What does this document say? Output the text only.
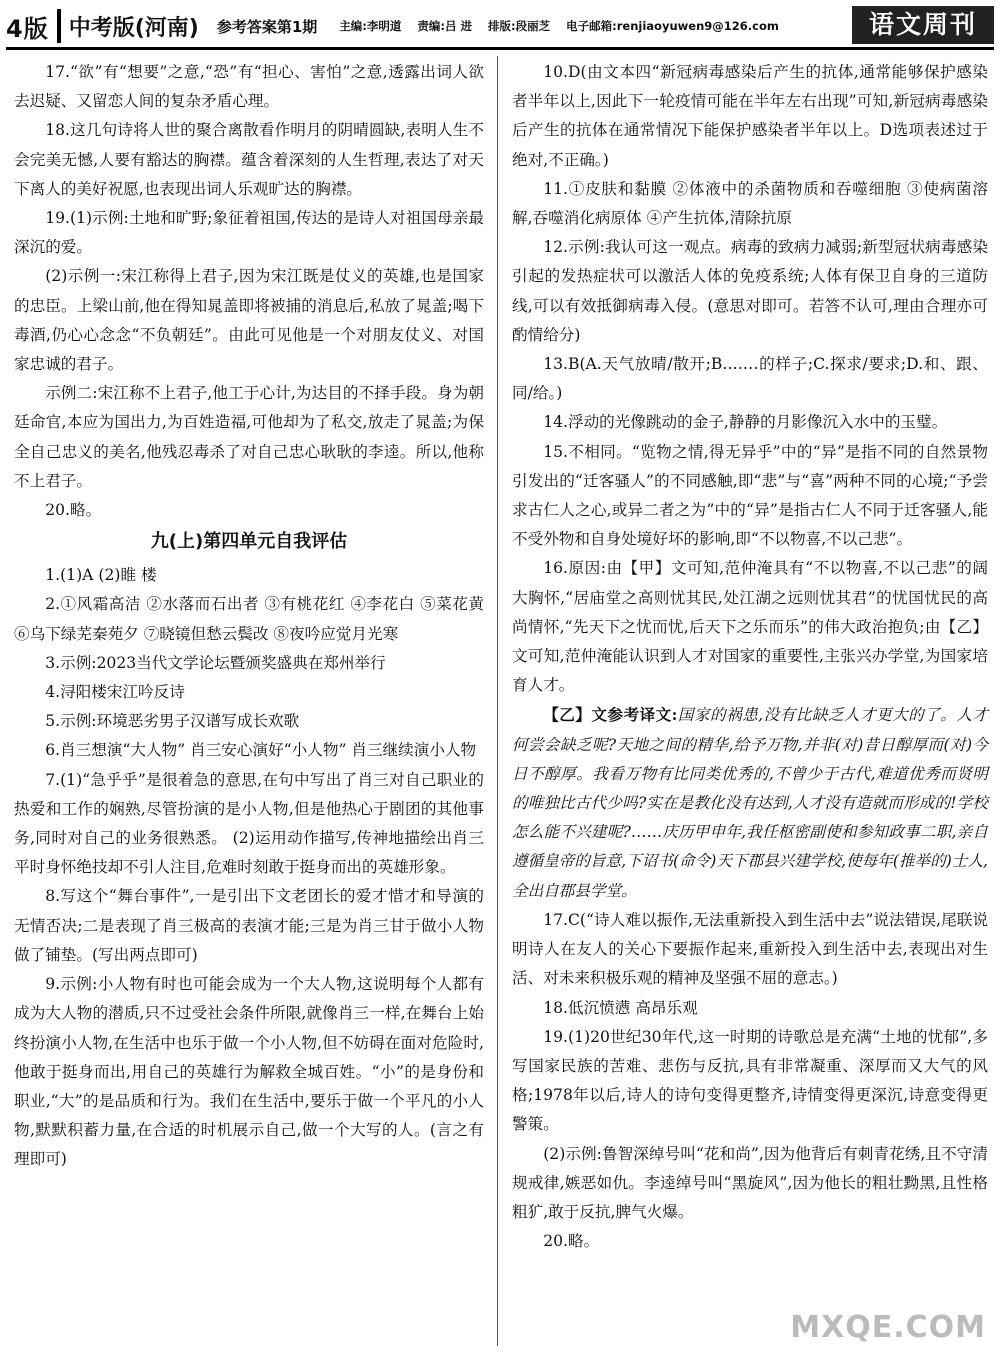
4版 中考版(河南) 参考答案第1期 主编:李明道 责编:吕 进 排版:段丽芝 电子邮箱:renjiaoyuwen9@126.com	语文周刊

17.“欲”有“想要”之意,“恐”有“担心、害怕”之意,透露出词人欲去迟疑、又留恋人间的复杂矛盾心理。

18.这几句诗将人世的聚合离散看作明月的阴晴圆缺,表明人生不会完美无憾,人要有豁达的胸襟。蕴含着深刻的人生哲理,表达了对天下离人的美好祝愿,也表现出词人乐观旷达的胸襟。

19.(1)示例:土地和旷野;象征着祖国,传达的是诗人对祖国母亲最深沉的爱。

(2)示例一:宋江称得上君子,因为宋江既是仗义的英雄,也是国家的忠臣。上梁山前,他在得知晁盖即将被捕的消息后,私放了晁盖;喝下毒酒,仍心心念念“不负朝廷”。由此可见他是一个对朋友仗义、对国家忠诚的君子。

示例二:宋江称不上君子,他工于心计,为达目的不择手段。身为朝廷命官,本应为国出力,为百姓造福,可他却为了私交,放走了晁盖;为保全自己忠义的美名,他残忍毒杀了对自己忠心耿耿的李逵。所以,他称不上君子。

20.略。

九(上)第四单元自我评估

1.(1)A (2)睢 楼

2.①风霜高洁 ②水落而石出者 ③有桃花红 ④李花白 ⑤菜花黄 ⑥乌下绿芜秦苑夕 ⑦晓镜但愁云鬓改 ⑧夜吟应觉月光寒

3.示例:2023当代文学论坛暨颁奖盛典在郑州举行

4.浔阳楼宋江吟反诗

5.示例:环境恶劣男子汉谱写成长欢歌

6.肖三想演“大人物” 肖三安心演好“小人物” 肖三继续演小人物

7.(1)“急乎乎”是很着急的意思,在句中写出了肖三对自己职业的热爱和工作的娴熟,尽管扮演的是小人物,但是他热心于剧团的其他事务,同时对自己的业务很熟悉。 (2)运用动作描写,传神地描绘出肖三平时身怀绝技却不引人注目,危难时刻敢于挺身而出的英雄形象。

8.写这个“舞台事件”,一是引出下文老团长的爱才惜才和导演的无情否决;二是表现了肖三极高的表演才能;三是为肖三甘于做小人物做了铺垫。(写出两点即可)

9.示例:小人物有时也可能会成为一个大人物,这说明每个人都有成为大人物的潜质,只不过受社会条件所限,就像肖三一样,在舞台上始终扮演小人物,在生活中也乐于做一个小人物,但不妨碍在面对危险时,他敢于挺身而出,用自己的英雄行为解救全城百姓。“小”的是身份和职业,“大”的是品质和行为。我们在生活中,要乐于做一个平凡的小人物,默默积蓄力量,在合适的时机展示自己,做一个大写的人。(言之有理即可)

10.D(由文本四“新冠病毒感染后产生的抗体,通常能够保护感染者半年以上,因此下一轮疫情可能在半年左右出现”可知,新冠病毒感染后产生的抗体在通常情况下能保护感染者半年以上。D选项表述过于绝对,不正确。)

11.①皮肤和黏膜 ②体液中的杀菌物质和吞噬细胞 ③使病菌溶解,吞噬消化病原体 ④产生抗体,清除抗原

12.示例:我认可这一观点。病毒的致病力减弱;新型冠状病毒感染引起的发热症状可以激活人体的免疫系统;人体有保卫自身的三道防线,可以有效抵御病毒入侵。(意思对即可。若答不认可,理由合理亦可酌情给分)

13.B(A.天气放晴/散开;B.……的样子;C.探求/要求;D.和、跟、同/给。)

14.浮动的光像跳动的金子,静静的月影像沉入水中的玉璧。

15.不相同。“览物之情,得无异乎”中的“异”是指不同的自然景物引发出的“迁客骚人”的不同感触,即“悲”与“喜”两种不同的心境;“予尝求古仁人之心,或异二者之为”中的“异”是指古仁人不同于迁客骚人,能不受外物和自身处境好坏的影响,即“不以物喜,不以己悲”。

16.原因:由【甲】文可知,范仲淹具有“不以物喜,不以己悲”的阔大胸怀,“居庙堂之高则忧其民,处江湖之远则忧其君”的忧国忧民的高尚情怀,“先天下之忧而忧,后天下之乐而乐”的伟大政治抱负;由【乙】文可知,范仲淹能认识到人才对国家的重要性,主张兴办学堂,为国家培育人才。

【乙】文参考译文:国家的祸患,没有比缺乏人才更大的了。人才何尝会缺乏呢?天地之间的精华,给予万物,并非(对)昔日醇厚而(对)今日不醇厚。我看万物有比同类优秀的,不曾少于古代,难道优秀而贤明的唯独比古代少吗?实在是教化没有达到,人才没有造就而形成的!学校怎么能不兴建呢?……庆历甲申年,我任枢密副使和参知政事二职,亲自遵循皇帝的旨意,下诏书(命令)天下郡县兴建学校,使每年(推举的)士人,全出自郡县学堂。

17.C(“诗人难以振作,无法重新投入到生活中去”说法错误,尾联说明诗人在友人的关心下要振作起来,重新投入到生活中去,表现出对生活、对未来积极乐观的精神及坚强不屈的意志。)

18.低沉愤懑 高昂乐观

19.(1)20世纪30年代,这一时期的诗歌总是充满“土地的忧郁”,多写国家民族的苦难、悲伤与反抗,具有非常凝重、深厚而又大气的风格;1978年以后,诗人的诗句变得更整齐,诗情变得更深沉,诗意变得更警策。

(2)示例:鲁智深绰号叫“花和尚”,因为他背后有刺青花绣,且不守清规戒律,嫉恶如仇。李逵绰号叫“黑旋风”,因为他长的粗壮黝黑,且性格粗犷,敢于反抗,脾气火爆。

20.略。

MXQE.COM
